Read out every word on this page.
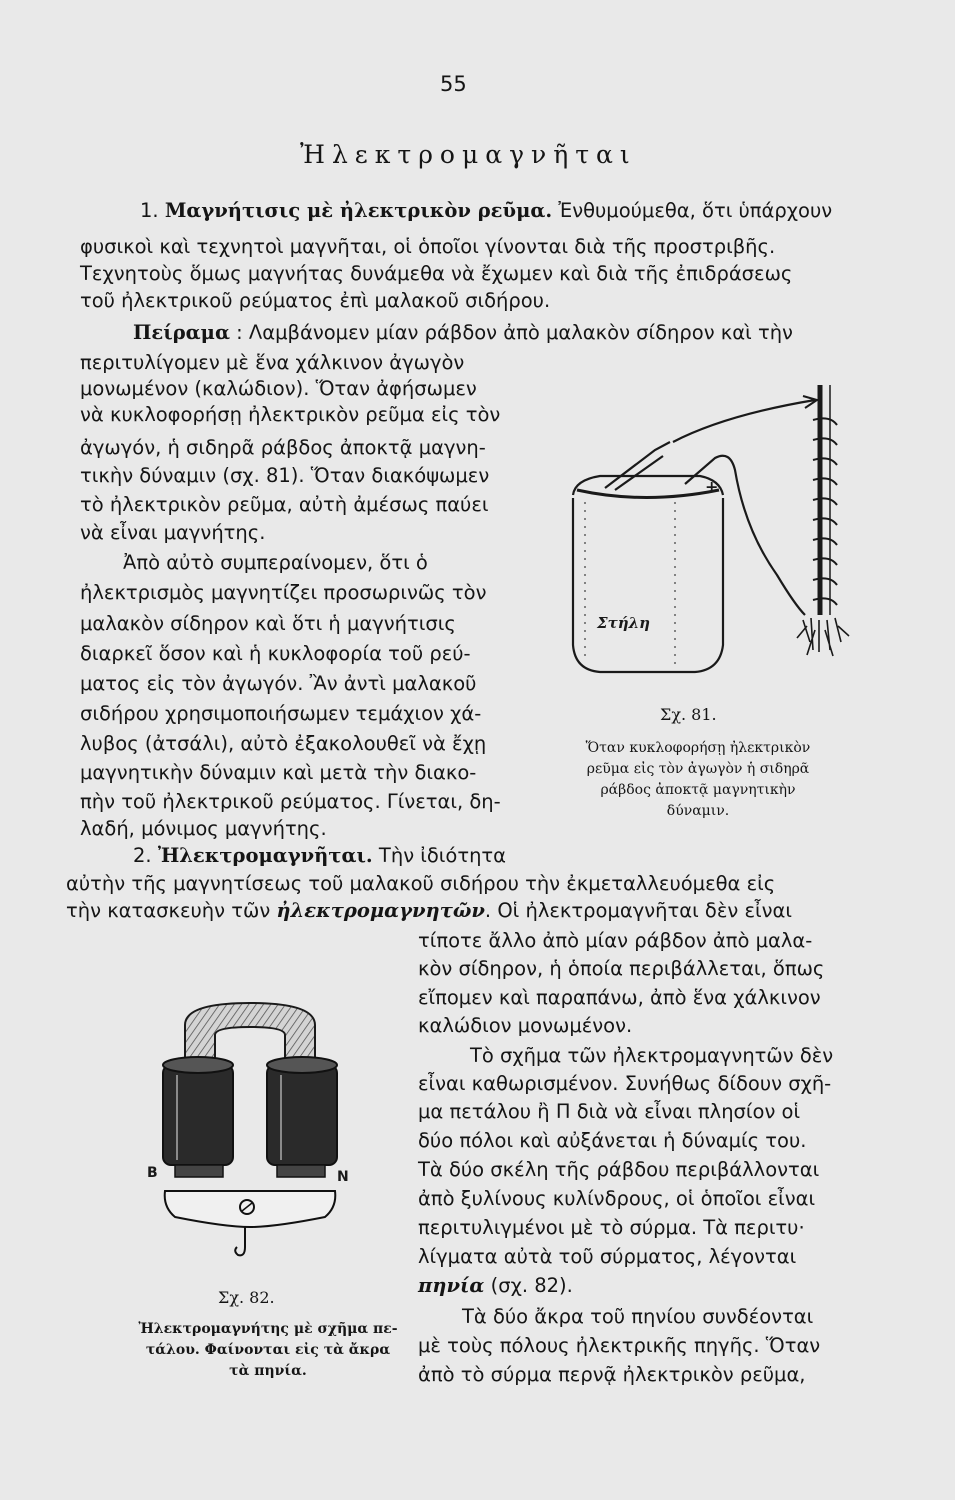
55
Ἠλεκτρομαγνῆται
1. Μαγνήτισις μὲ ἠλεκτρικὸν ρεῦμα. Ἐνθυμούμεθα, ὅτι ὑπάρχουν
φυσικοὶ καὶ τεχνητοὶ μαγνῆται, οἱ ὁποῖοι γίνονται διὰ τῆς προστριβῆς.
Τεχνητοὺς ὅμως μαγνήτας δυνάμεθα νὰ ἔχωμεν καὶ διὰ τῆς ἐπιδράσεως
τοῦ ἠλεκτρικοῦ ρεύματος ἐπὶ μαλακοῦ σιδήρου.
Πείραμα : Λαμβάνομεν μίαν ράβδον ἀπὸ μαλακὸν σίδηρον καὶ τὴν
περιτυλίγομεν μὲ ἕνα χάλκινον ἀγωγὸν
μονωμένον (καλώδιον). Ὅταν ἀφήσωμεν
νὰ κυκλοφορήσῃ ἠλεκτρικὸν ρεῦμα εἰς τὸν
ἀγωγόν, ἡ σιδηρᾶ ράβδος ἀποκτᾷ μαγνη-
τικὴν δύναμιν (σχ. 81). Ὅταν διακόψωμεν
τὸ ἠλεκτρικὸν ρεῦμα, αὐτὴ ἀμέσως παύει
νὰ εἶναι μαγνήτης.
Ἀπὸ αὐτὸ συμπεραίνομεν, ὅτι ὁ
ἠλεκτρισμὸς μαγνητίζει προσωρινῶς τὸν
μαλακὸν σίδηρον καὶ ὅτι ἡ μαγνήτισις
διαρκεῖ ὅσον καὶ ἡ κυκλοφορία τοῦ ρεύ-
ματος εἰς τὸν ἀγωγόν. Ἂν ἀντὶ μαλακοῦ
σιδήρου χρησιμοποιήσωμεν τεμάχιον χά-
λυβος (ἀτσάλι), αὐτὸ ἐξακολουθεῖ νὰ ἔχῃ
μαγνητικὴν δύναμιν καὶ μετὰ τὴν διακο-
πὴν τοῦ ἠλεκτρικοῦ ρεύματος. Γίνεται, δη-
λαδή, μόνιμος μαγνήτης.
+
Στήλη
Σχ. 81.
Ὅταν κυκλοφορήσῃ ἠλεκτρικὸν
ρεῦμα εἰς τὸν ἀγωγὸν ἡ σιδηρᾶ
ράβδος ἀποκτᾷ μαγνητικὴν
δύναμιν.
2. Ἠλεκτρομαγνῆται. Τὴν ἰδιότητα
αὐτὴν τῆς μαγνητίσεως τοῦ μαλακοῦ σιδήρου τὴν ἐκμεταλλευόμεθα εἰς
τὴν κατασκευὴν τῶν ἠλεκτρομαγνητῶν. Οἱ ἠλεκτρομαγνῆται δὲν εἶναι
τίποτε ἄλλο ἀπὸ μίαν ράβδον ἀπὸ μαλα-
κὸν σίδηρον, ἡ ὁποία περιβάλλεται, ὅπως
εἴπομεν καὶ παραπάνω, ἀπὸ ἕνα χάλκινον
καλώδιον μονωμένον.
Τὸ σχῆμα τῶν ἠλεκτρομαγνητῶν δὲν
εἶναι καθωρισμένον. Συνήθως δίδουν σχῆ-
μα πετάλου ἢ Π διὰ νὰ εἶναι πλησίον οἱ
δύο πόλοι καὶ αὐξάνεται ἡ δύναμίς του.
Τὰ δύο σκέλη τῆς ράβδου περιβάλλονται
ἀπὸ ξυλίνους κυλίνδρους, οἱ ὁποῖοι εἶναι
περιτυλιγμένοι μὲ τὸ σύρμα. Τὰ περιτυ·
λίγματα αὐτὰ τοῦ σύρματος, λέγονται
πηνία (σχ. 82).
Τὰ δύο ἄκρα τοῦ πηνίου συνδέονται
μὲ τοὺς πόλους ἠλεκτρικῆς πηγῆς. Ὅταν
ἀπὸ τὸ σύρμα περνᾷ ἠλεκτρικὸν ρεῦμα,
B	N
Σχ. 82.
Ἠλεκτρομαγνήτης μὲ σχῆμα πε-
τάλου. Φαίνονται εἰς τὰ ἄκρα
τὰ πηνία.
